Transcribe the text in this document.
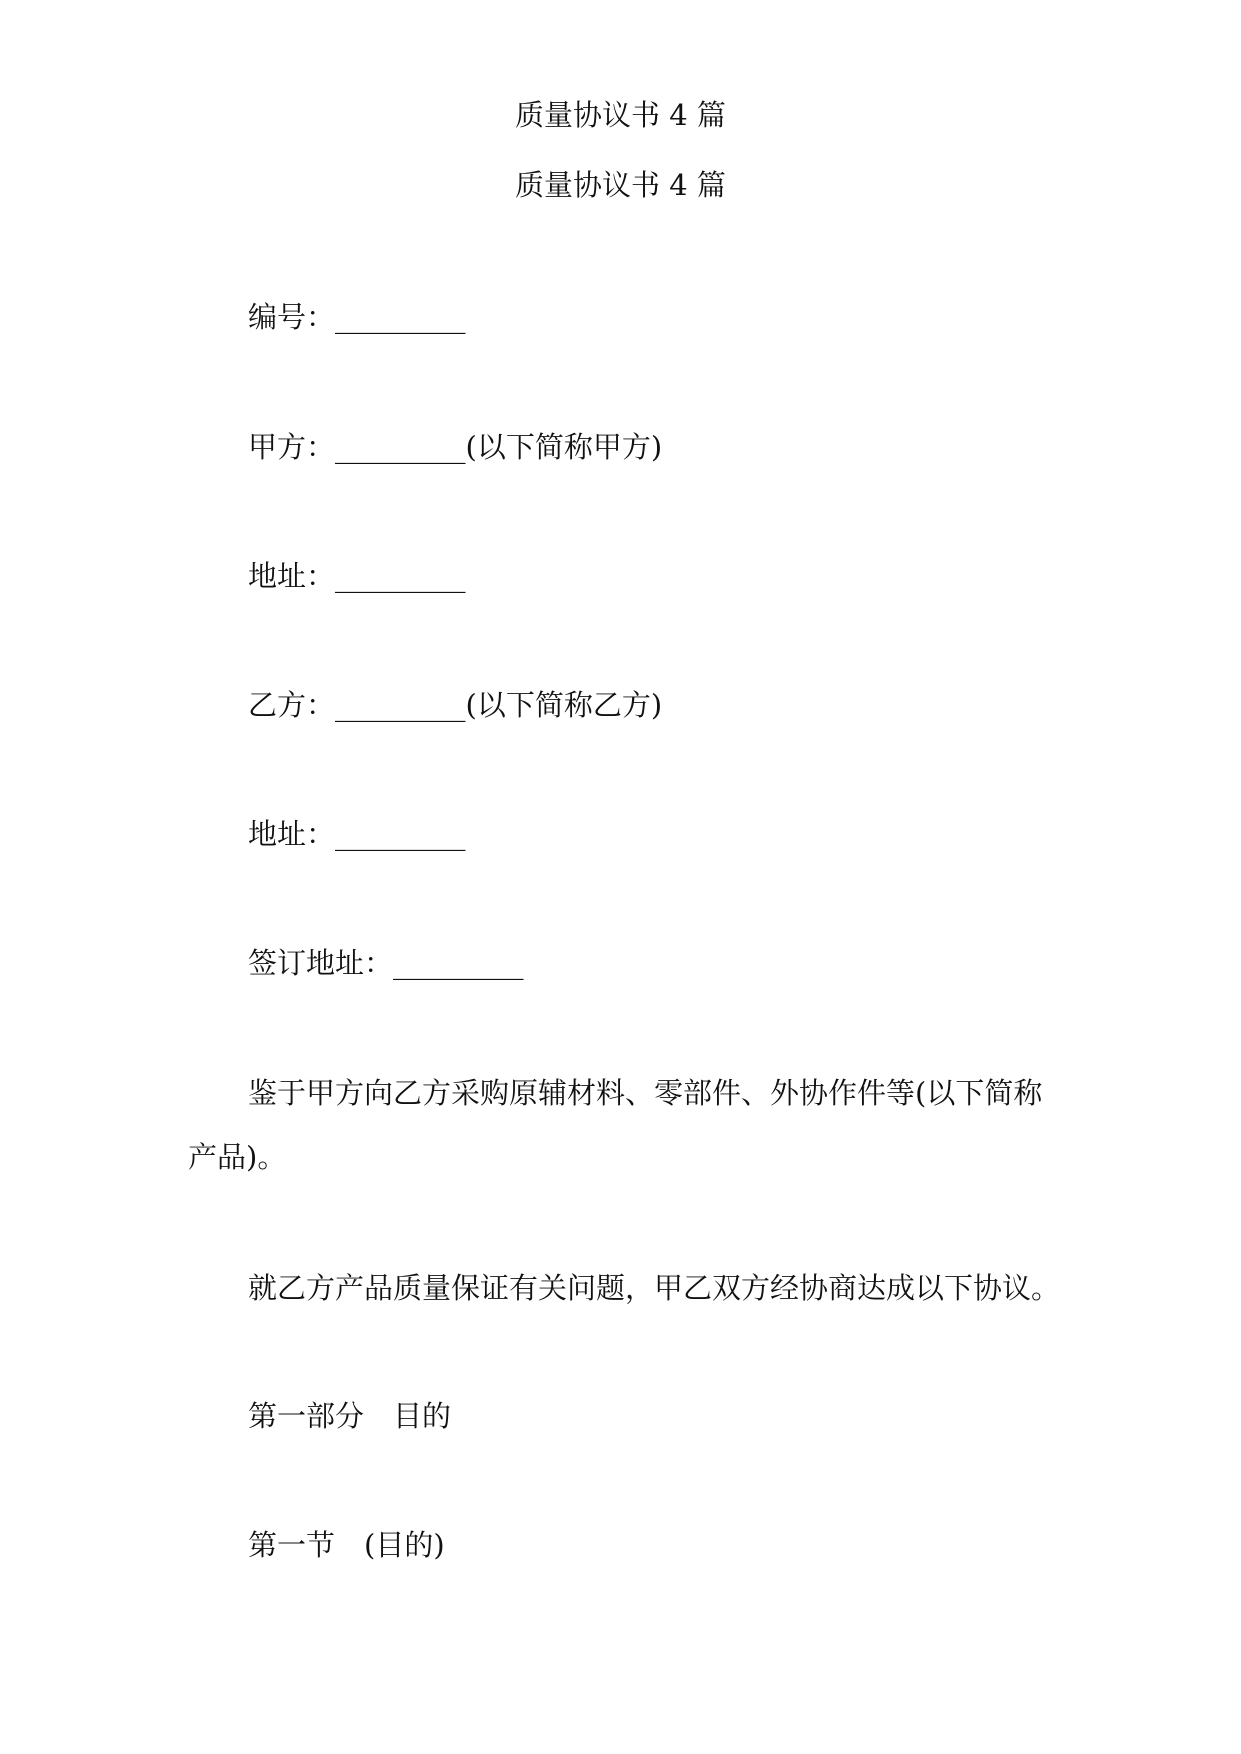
质量协议书 4 篇
质量协议书 4 篇
编号：_________
甲方：_________(以下简称甲方)
地址：_________
乙方：_________(以下简称乙方)
地址：_________
签订地址：_________
鉴于甲方向乙方采购原辅材料、零部件、外协作件等(以下简称
产品)。
就乙方产品质量保证有关问题，甲乙双方经协商达成以下协议。
第一部分　目的
第一节　(目的)
